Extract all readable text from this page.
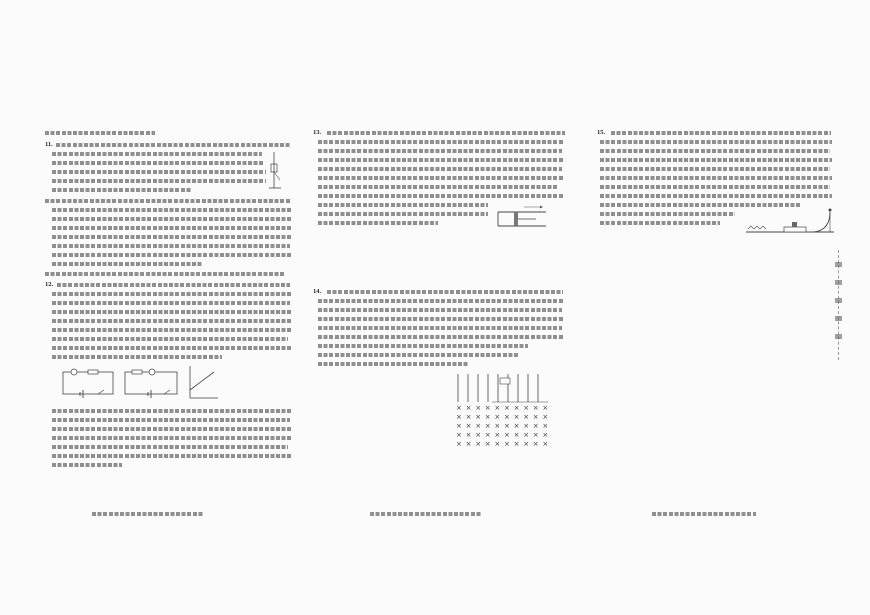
11.
12.
13.
14.
× × × × × × × × × ×
× × × × × × × × × ×
× × × × × × × × × ×
× × × × × × × × × ×
× × × × × × × × × ×
15.
